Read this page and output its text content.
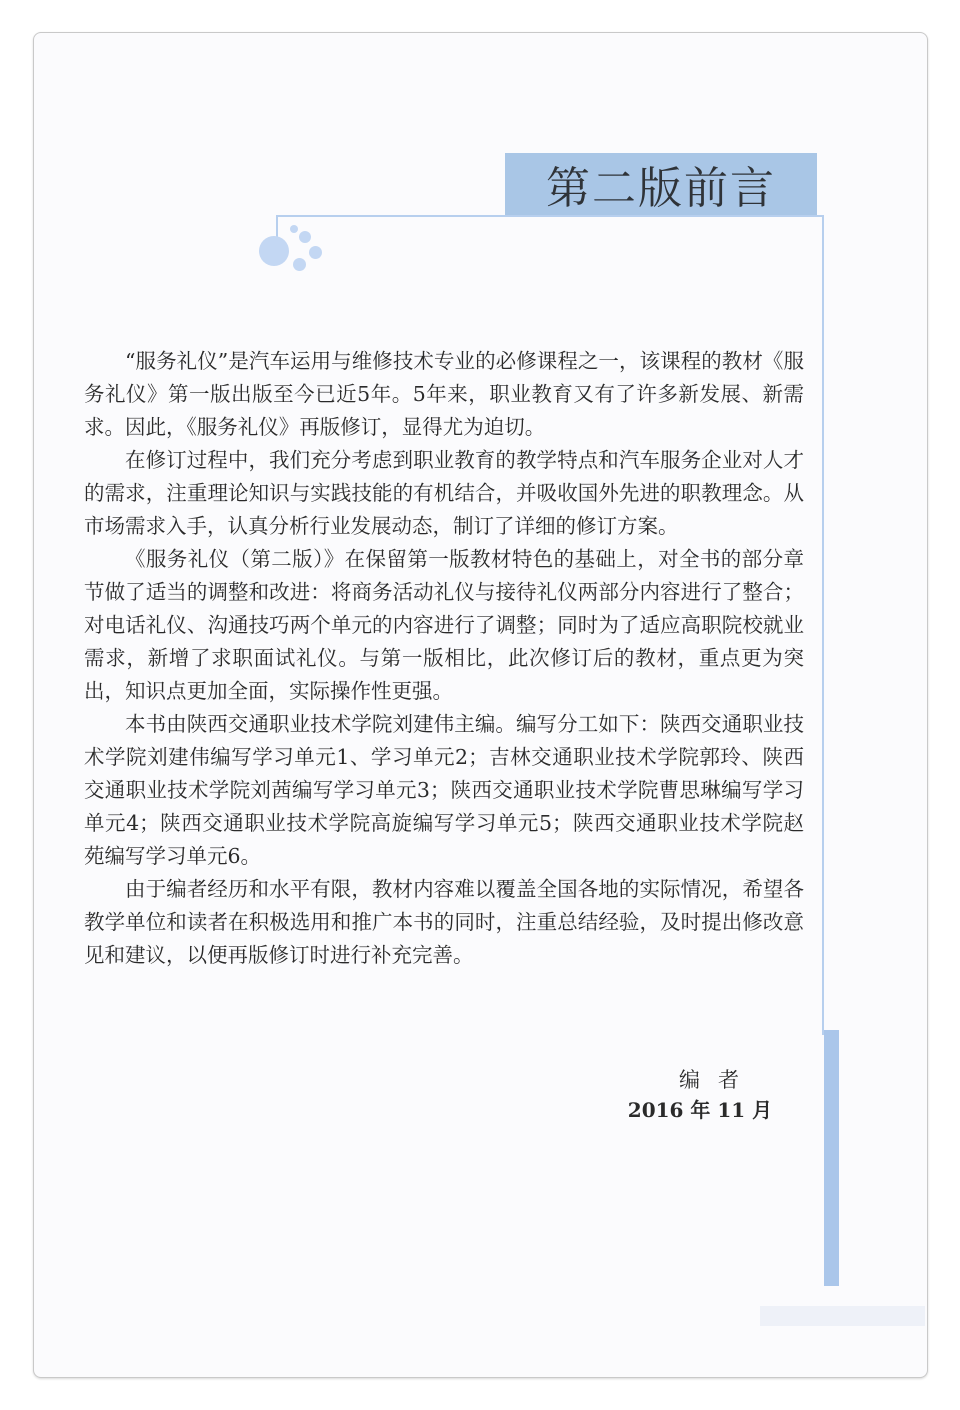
第二版前言

“服务礼仪”是汽车运用与维修技术专业的必修课程之一，该课程的教材《服务礼仪》第一版出版至今已近5年。5年来，职业教育又有了许多新发展、新需求。因此，《服务礼仪》再版修订，显得尤为迫切。

在修订过程中，我们充分考虑到职业教育的教学特点和汽车服务企业对人才的需求，注重理论知识与实践技能的有机结合，并吸收国外先进的职教理念。从市场需求入手，认真分析行业发展动态，制订了详细的修订方案。

《服务礼仪（第二版）》在保留第一版教材特色的基础上，对全书的部分章节做了适当的调整和改进：将商务活动礼仪与接待礼仪两部分内容进行了整合；对电话礼仪、沟通技巧两个单元的内容进行了调整；同时为了适应高职院校就业需求，新增了求职面试礼仪。与第一版相比，此次修订后的教材，重点更为突出，知识点更加全面，实际操作性更强。

本书由陕西交通职业技术学院刘建伟主编。编写分工如下：陕西交通职业技术学院刘建伟编写学习单元1、学习单元2；吉林交通职业技术学院郭玲、陕西交通职业技术学院刘茜编写学习单元3；陕西交通职业技术学院曹思琳编写学习单元4；陕西交通职业技术学院高旋编写学习单元5；陕西交通职业技术学院赵苑编写学习单元6。

由于编者经历和水平有限，教材内容难以覆盖全国各地的实际情况，希望各教学单位和读者在积极选用和推广本书的同时，注重总结经验，及时提出修改意见和建议，以便再版修订时进行补充完善。

编者
2016 年 11 月
